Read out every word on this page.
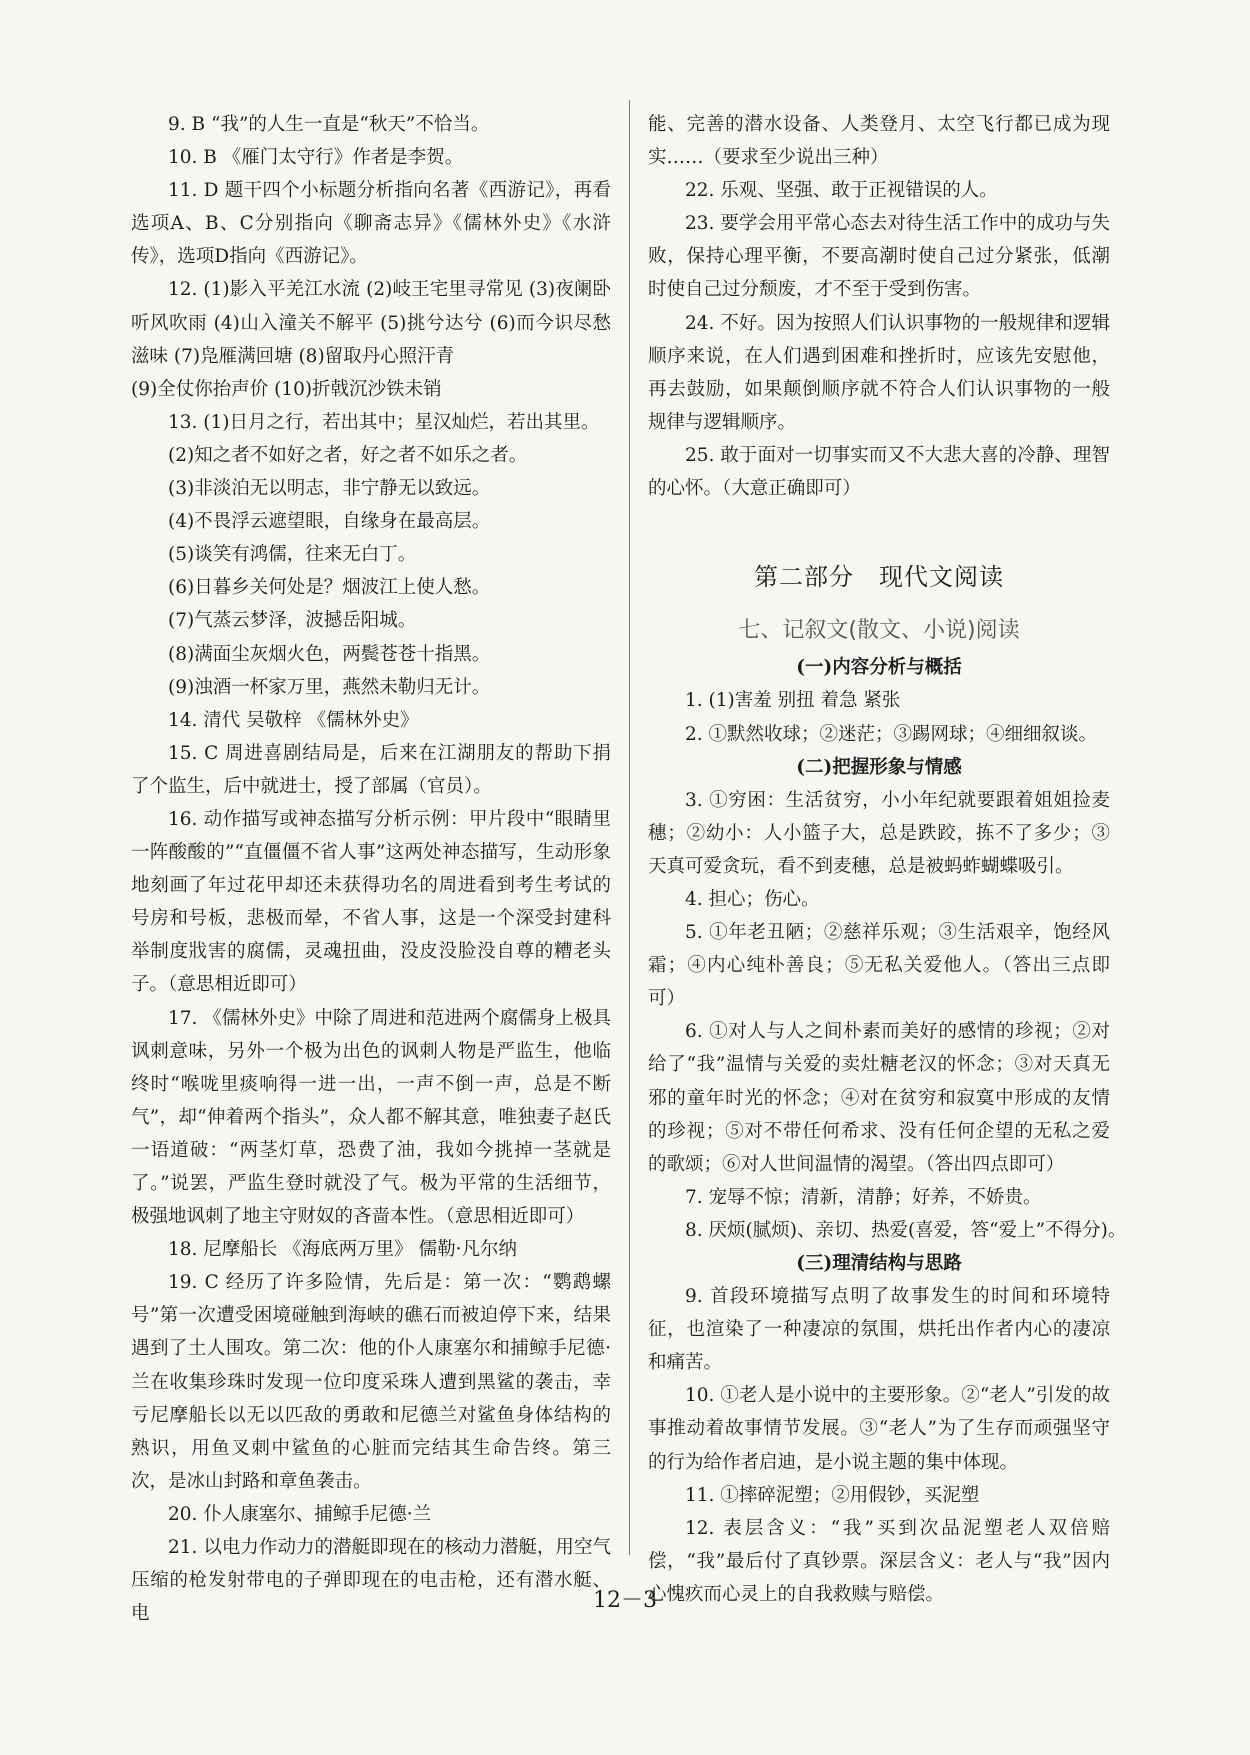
9. B “我”的人生一直是“秋天”不恰当。

10. B 《雁门太守行》作者是李贺。

11. D 题干四个小标题分析指向名著《西游记》，再看选项A、B、C分别指向《聊斋志异》《儒林外史》《水浒传》，选项D指向《西游记》。

12. (1)影入平羌江水流 (2)岐王宅里寻常见 (3)夜阑卧听风吹雨 (4)山入潼关不解平 (5)挑兮达兮 (6)而今识尽愁滋味 (7)凫雁满回塘 (8)留取丹心照汗青

(9)全仗你抬声价 (10)折戟沉沙铁未销

13. (1)日月之行，若出其中；星汉灿烂，若出其里。

(2)知之者不如好之者，好之者不如乐之者。

(3)非淡泊无以明志，非宁静无以致远。

(4)不畏浮云遮望眼，自缘身在最高层。

(5)谈笑有鸿儒，往来无白丁。

(6)日暮乡关何处是？烟波江上使人愁。

(7)气蒸云梦泽，波撼岳阳城。

(8)满面尘灰烟火色，两鬓苍苍十指黑。

(9)浊酒一杯家万里，燕然未勒归无计。

14. 清代 吴敬梓 《儒林外史》

15. C 周进喜剧结局是，后来在江湖朋友的帮助下捐了个监生，后中就进士，授了部属（官员）。

16. 动作描写或神态描写分析示例：甲片段中“眼睛里一阵酸酸的”“直僵僵不省人事”这两处神态描写，生动形象地刻画了年过花甲却还未获得功名的周进看到考生考试的号房和号板，悲极而晕，不省人事，这是一个深受封建科举制度戕害的腐儒，灵魂扭曲，没皮没脸没自尊的糟老头子。（意思相近即可）

17. 《儒林外史》中除了周进和范进两个腐儒身上极具讽刺意味，另外一个极为出色的讽刺人物是严监生，他临终时“喉咙里痰响得一进一出，一声不倒一声，总是不断气”，却“伸着两个指头”，众人都不解其意，唯独妻子赵氏一语道破：“两茎灯草，恐费了油，我如今挑掉一茎就是了。”说罢，严监生登时就没了气。极为平常的生活细节，极强地讽刺了地主守财奴的吝啬本性。（意思相近即可）

18. 尼摩船长 《海底两万里》 儒勒·凡尔纳

19. C 经历了许多险情，先后是：第一次：“鹦鹉螺号”第一次遭受困境碰触到海峡的礁石而被迫停下来，结果遇到了土人围攻。第二次：他的仆人康塞尔和捕鲸手尼德·兰在收集珍珠时发现一位印度采珠人遭到黑鲨的袭击，幸亏尼摩船长以无以匹敌的勇敢和尼德兰对鲨鱼身体结构的熟识，用鱼叉刺中鲨鱼的心脏而完结其生命告终。第三次，是冰山封路和章鱼袭击。

20. 仆人康塞尔、捕鲸手尼德·兰

21. 以电力作动力的潜艇即现在的核动力潜艇，用空气压缩的枪发射带电的子弹即现在的电击枪，还有潜水艇、电

能、完善的潜水设备、人类登月、太空飞行都已成为现实……（要求至少说出三种）

22. 乐观、坚强、敢于正视错误的人。

23. 要学会用平常心态去对待生活工作中的成功与失败，保持心理平衡，不要高潮时使自己过分紧张，低潮时使自己过分颓废，才不至于受到伤害。

24. 不好。因为按照人们认识事物的一般规律和逻辑顺序来说，在人们遇到困难和挫折时，应该先安慰他，再去鼓励，如果颠倒顺序就不符合人们认识事物的一般规律与逻辑顺序。

25. 敢于面对一切事实而又不大悲大喜的冷静、理智的心怀。（大意正确即可）

第二部分　现代文阅读
七、记叙文(散文、小说)阅读
(一)内容分析与概括

1. (1)害羞 别扭 着急 紧张

2. ①默然收球；②迷茫；③踢网球；④细细叙谈。

(二)把握形象与情感

3. ①穷困：生活贫穷，小小年纪就要跟着姐姐捡麦穗；②幼小：人小篮子大，总是跌跤，拣不了多少；③天真可爱贪玩，看不到麦穗，总是被蚂蚱蝴蝶吸引。

4. 担心；伤心。

5. ①年老丑陋；②慈祥乐观；③生活艰辛，饱经风霜；④内心纯朴善良；⑤无私关爱他人。（答出三点即可）

6. ①对人与人之间朴素而美好的感情的珍视；②对给了“我”温情与关爱的卖灶糖老汉的怀念；③对天真无邪的童年时光的怀念；④对在贫穷和寂寞中形成的友情的珍视；⑤对不带任何希求、没有任何企望的无私之爱的歌颂；⑥对人世间温情的渴望。（答出四点即可）

7. 宠辱不惊；清新，清静；好养，不娇贵。

8. 厌烦(腻烦)、亲切、热爱(喜爱，答“爱上”不得分)。

(三)理清结构与思路

9. 首段环境描写点明了故事发生的时间和环境特征，也渲染了一种凄凉的氛围，烘托出作者内心的凄凉和痛苦。

10. ①老人是小说中的主要形象。②“老人”引发的故事推动着故事情节发展。③“老人”为了生存而顽强坚守的行为给作者启迪，是小说主题的集中体现。

11. ①摔碎泥塑；②用假钞，买泥塑

12. 表层含义：“我”买到次品泥塑老人双倍赔偿，“我”最后付了真钞票。深层含义：老人与“我”因内心愧疚而心灵上的自我救赎与赔偿。

12－3
